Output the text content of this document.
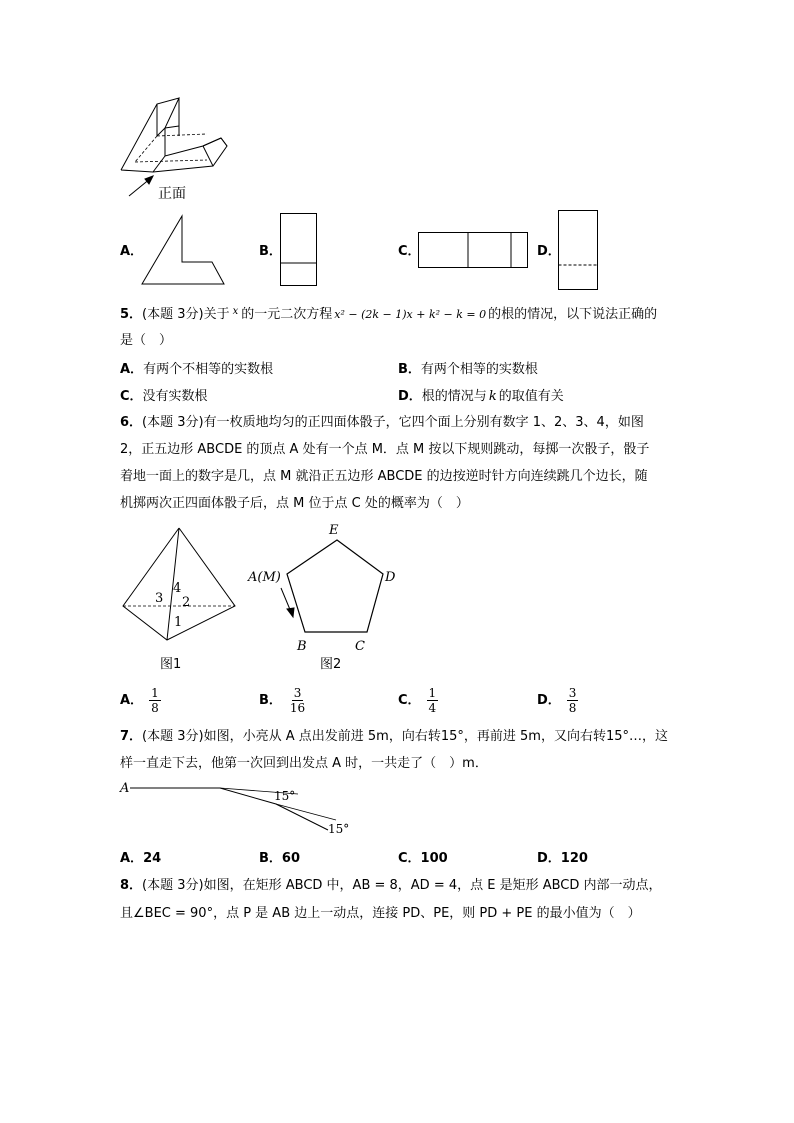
正面
A．	B．	C．	D．
5．(本题 3分)关于 $^x$ 的一元二次方程 x² − (2k − 1)x + k² − k = 0 的根的情况，以下说法正确的
是（　）
A．有两个不相等的实数根	B．有两个相等的实数根
C．没有实数根	D．根的情况与 k 的取值有关
6．(本题 3分)有一枚质地均匀的正四面体骰子，它四个面上分别有数字 1、2、3、4，如图
2，正五边形 ABCDE 的顶点 A 处有一个点 M．点 M 按以下规则跳动，每掷一次骰子，骰子
着地一面上的数字是几，点 M 就沿正五边形 ABCDE 的边按逆时针方向连续跳几个边长，随
机掷两次正四面体骰子后，点 M 位于点 C 处的概率为（　）
3
4
2
1
图1
E
D
C
B
A(M)
图2
A． $\frac{1}{8}$	B． $\frac{3}{16}$	C． $\frac{1}{4}$	D． $\frac{3}{8}$
7．(本题 3分)如图，小亮从 A 点出发前进 5m，向右转15°，再前进 5m，又向右转15°…，这
样一直走下去，他第一次回到出发点 A 时，一共走了（　）m．
A	15°
15°
A．24	B．60	C．100	D．120
8．(本题 3分)如图，在矩形 ABCD 中，AB = 8，AD = 4，点 E 是矩形 ABCD 内部一动点，
且∠BEC = 90°，点 P 是 AB 边上一动点，连接 PD、PE，则 PD + PE 的最小值为（　）
